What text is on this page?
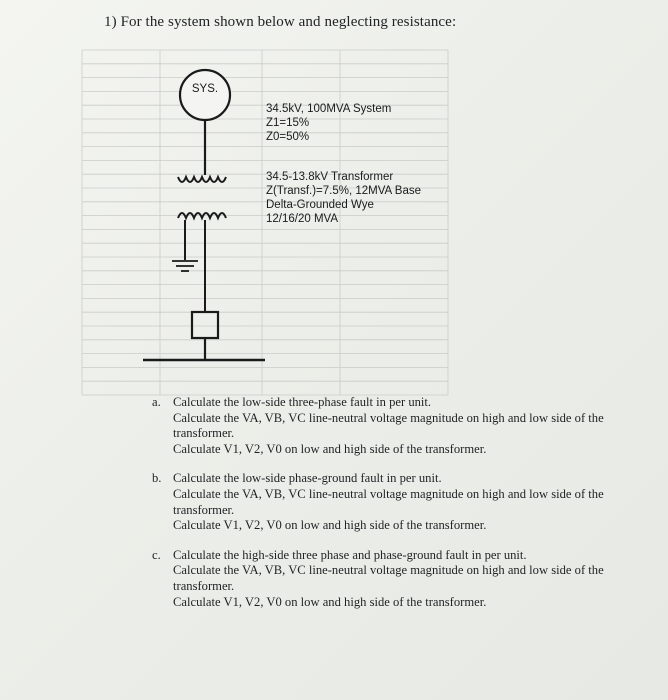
1) For the system shown below and neglecting resistance:
SYS.
34.5kV, 100MVA System
Z1=15%
Z0=50%
34.5-13.8kV Transformer
Z(Transf.)=7.5%, 12MVA Base
Delta-Grounded Wye
12/16/20 MVA
a. Calculate the low-side three-phase fault in per unit.
Calculate the VA, VB, VC line-neutral voltage magnitude on high and low side of the transformer.
Calculate V1, V2, V0 on low and high side of the transformer.
b. Calculate the low-side phase-ground fault in per unit.
Calculate the VA, VB, VC line-neutral voltage magnitude on high and low side of the transformer.
Calculate V1, V2, V0 on low and high side of the transformer.
c. Calculate the high-side three phase and phase-ground fault in per unit.
Calculate the VA, VB, VC line-neutral voltage magnitude on high and low side of the transformer.
Calculate V1, V2, V0 on low and high side of the transformer.
